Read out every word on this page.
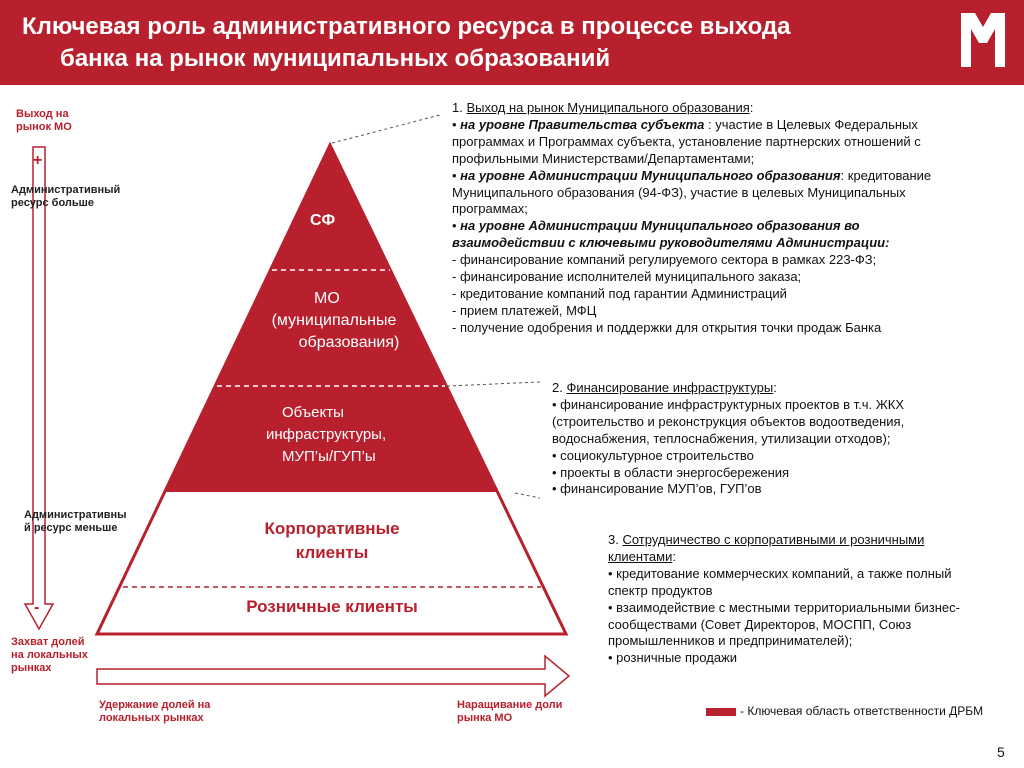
Ключевая роль административного ресурса в процессе выхода
банка на рынок муниципальных образований
Выход на рынок МО
+
Административный ресурс больше
Административны й ресурс меньше
-
Захват долей на локальных рынках
Удержание долей на локальных рынках
Наращивание доли рынка МО
СФ
МО
(муниципальные
образования)
Объекты
инфраструктуры,
МУП’ы/ГУП’ы
Корпоративные
клиенты
Розничные клиенты
1. Выход на рынок Муниципального образования:
• на уровне Правительства субъекта : участие в Целевых Федеральных
программах и Программах субъекта, установление партнерских отношений с
профильными Министерствами/Департаментами;
• на уровне Администрации Муниципального образования: кредитование
Муниципального образования (94-ФЗ), участие в целевых Муниципальных
программах;
• на уровне Администрации Муниципального образования во
взаимодействии с ключевыми руководителями Администрации:
- финансирование компаний регулируемого сектора в рамках 223-ФЗ;
- финансирование исполнителей муниципального заказа;
- кредитование компаний под гарантии Администраций
- прием платежей, МФЦ
- получение одобрения и поддержки для открытия точки продаж Банка
2. Финансирование инфраструктуры:
• финансирование инфраструктурных проектов в т.ч. ЖКХ
(строительство и реконструкция объектов водоотведения,
водоснабжения, теплоснабжения, утилизации отходов);
• социокультурное строительство
• проекты в области энергосбережения
• финансирование МУП’ов, ГУП’ов
3. Сотрудничество с корпоративными и розничными
клиентами:
• кредитование коммерческих компаний, а также полный
спектр продуктов
• взаимодействие с местными территориальными бизнес-
сообществами (Совет Директоров, МОСПП, Союз
промышленников и предпринимателей);
• розничные продажи
- Ключевая область ответственности ДРБМ
5
